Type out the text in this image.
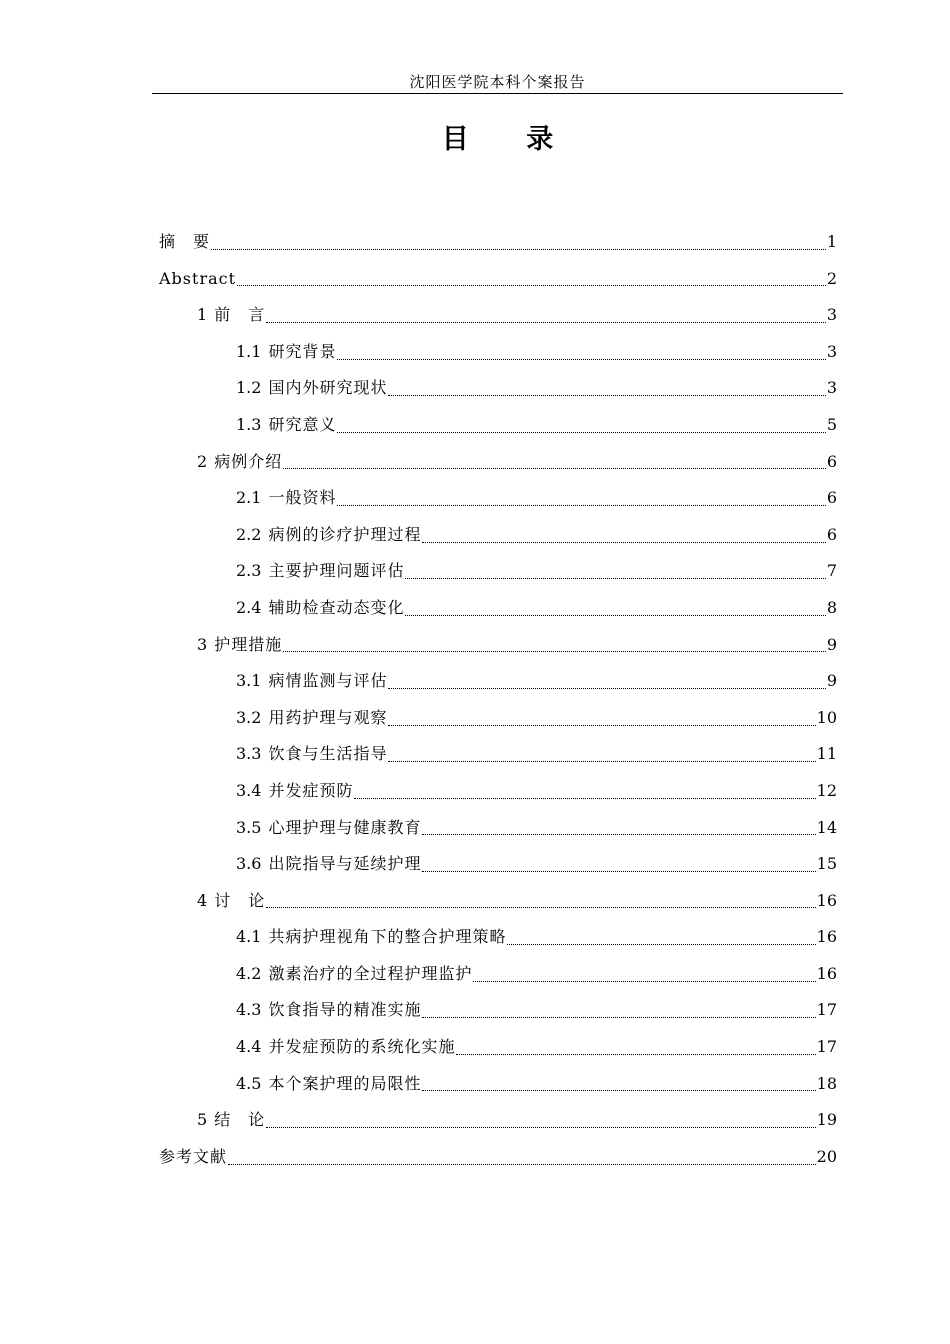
沈阳医学院本科个案报告
目 录
摘　要	1
Abstract	2
1 前　言	3
1.1 研究背景	3
1.2 国内外研究现状	3
1.3 研究意义	5
2 病例介绍	6
2.1 一般资料	6
2.2 病例的诊疗护理过程	6
2.3 主要护理问题评估	7
2.4 辅助检查动态变化	8
3 护理措施	9
3.1 病情监测与评估	9
3.2 用药护理与观察	10
3.3 饮食与生活指导	11
3.4 并发症预防	12
3.5 心理护理与健康教育	14
3.6 出院指导与延续护理	15
4 讨　论	16
4.1 共病护理视角下的整合护理策略	16
4.2 激素治疗的全过程护理监护	16
4.3 饮食指导的精准实施	17
4.4 并发症预防的系统化实施	17
4.5 本个案护理的局限性	18
5 结　论	19
参考文献	20
